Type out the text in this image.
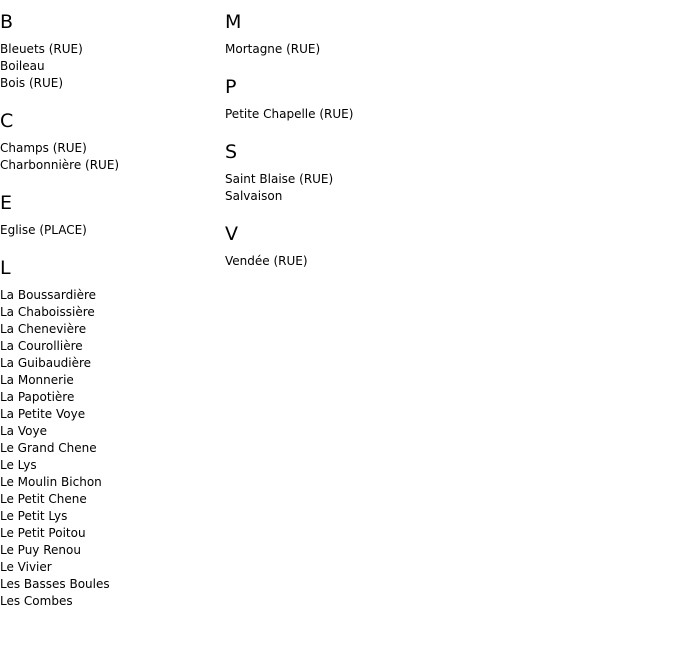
B
Bleuets (RUE)
Boileau
Bois (RUE)
C
Champs (RUE)
Charbonnière (RUE)
E
Eglise (PLACE)
L
La Boussardière
La Chaboissière
La Chenevière
La Courollière
La Guibaudière
La Monnerie
La Papotière
La Petite Voye
La Voye
Le Grand Chene
Le Lys
Le Moulin Bichon
Le Petit Chene
Le Petit Lys
Le Petit Poitou
Le Puy Renou
Le Vivier
Les Basses Boules
Les Combes
M
Mortagne (RUE)
P
Petite Chapelle (RUE)
S
Saint Blaise (RUE)
Salvaison
V
Vendée (RUE)
